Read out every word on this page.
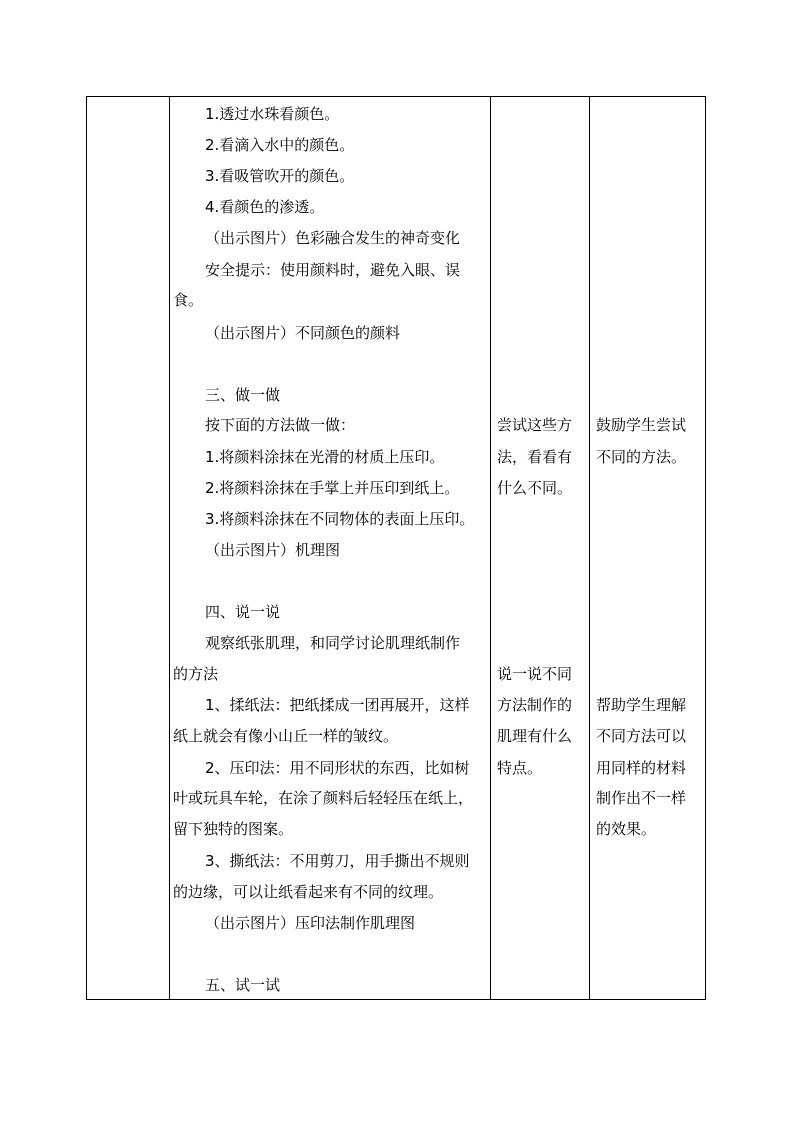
1.透过水珠看颜色。
2.看滴入水中的颜色。
3.看吸管吹开的颜色。
4.看颜色的渗透。
（出示图片）色彩融合发生的神奇变化
安全提示：使用颜料时，避免入眼、误
食。
（出示图片）不同颜色的颜料
三、做一做
按下面的方法做一做：
1.将颜料涂抹在光滑的材质上压印。
2.将颜料涂抹在手掌上并压印到纸上。
3.将颜料涂抹在不同物体的表面上压印。
（出示图片）机理图
四、说一说
观察纸张肌理，和同学讨论肌理纸制作
的方法
1、揉纸法：把纸揉成一团再展开，这样
纸上就会有像小山丘一样的皱纹。
2、压印法：用不同形状的东西，比如树
叶或玩具车轮，在涂了颜料后轻轻压在纸上，
留下独特的图案。
3、撕纸法：不用剪刀，用手撕出不规则
的边缘，可以让纸看起来有不同的纹理。
（出示图片）压印法制作肌理图
五、试一试
尝试这些方
法，看看有
什么不同。
说一说不同
方法制作的
肌理有什么
特点。
鼓励学生尝试
不同的方法。
帮助学生理解
不同方法可以
用同样的材料
制作出不一样
的效果。
